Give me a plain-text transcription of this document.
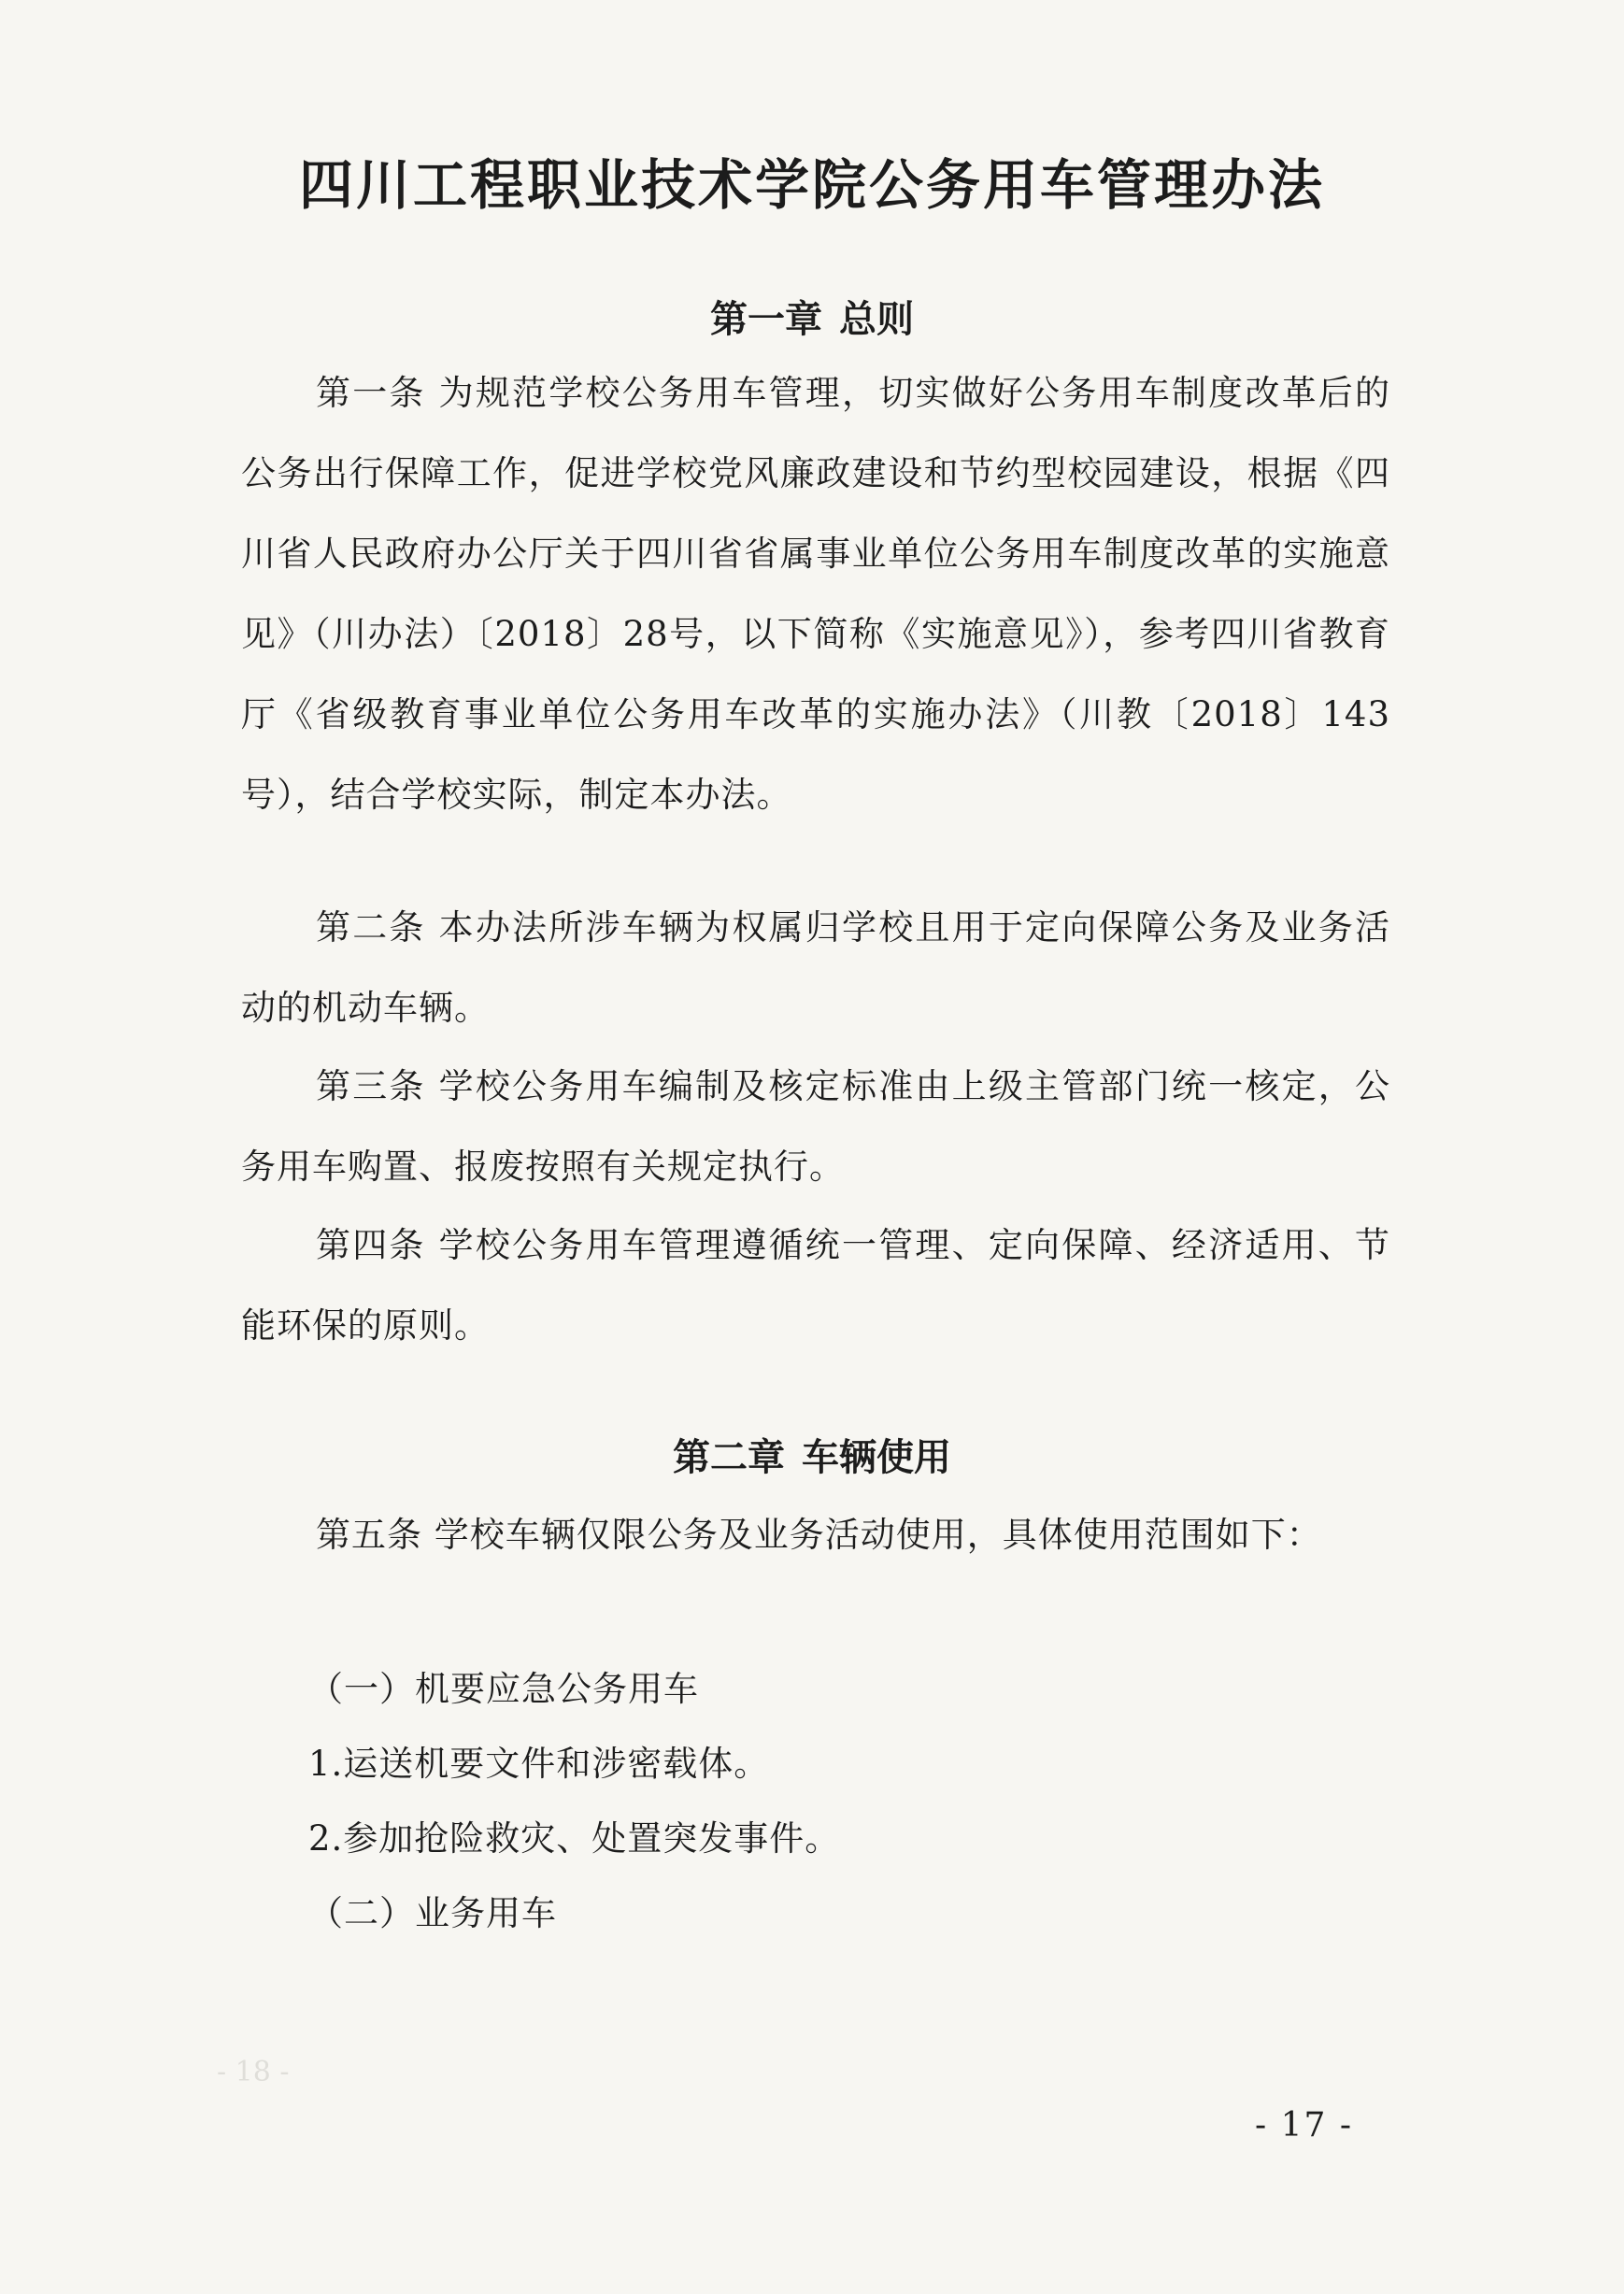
- 18 -
四川工程职业技术学院公务用车管理办法
第一章 总则
第一条 为规范学校公务用车管理，切实做好公务用车制度改革后的公务出行保障工作，促进学校党风廉政建设和节约型校园建设，根据《四川省人民政府办公厅关于四川省省属事业单位公务用车制度改革的实施意见》（川办法）〔2018〕28号，以下简称《实施意见》），参考四川省教育厅《省级教育事业单位公务用车改革的实施办法》（川教〔2018〕143号），结合学校实际，制定本办法。
第二条 本办法所涉车辆为权属归学校且用于定向保障公务及业务活动的机动车辆。
第三条 学校公务用车编制及核定标准由上级主管部门统一核定，公务用车购置、报废按照有关规定执行。
第四条 学校公务用车管理遵循统一管理、定向保障、经济适用、节能环保的原则。
第二章 车辆使用
第五条 学校车辆仅限公务及业务活动使用，具体使用范围如下：
（一）机要应急公务用车
1.运送机要文件和涉密载体。
2.参加抢险救灾、处置突发事件。
（二）业务用车
- 17 -
